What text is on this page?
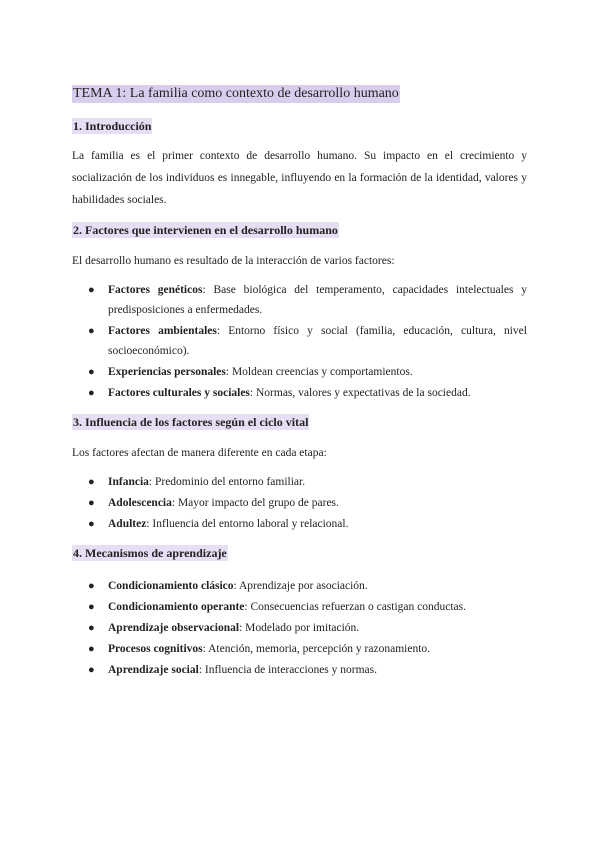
TEMA 1: La familia como contexto de desarrollo humano
1. Introducción

La familia es el primer contexto de desarrollo humano. Su impacto en el crecimiento y socialización de los individuos es innegable, influyendo en la formación de la identidad, valores y habilidades sociales.

2. Factores que intervienen en el desarrollo humano

El desarrollo humano es resultado de la interacción de varios factores:

● Factores genéticos: Base biológica del temperamento, capacidades intelectuales y predisposiciones a enfermedades.
● Factores ambientales: Entorno físico y social (familia, educación, cultura, nivel socioeconómico).
● Experiencias personales: Moldean creencias y comportamientos.
● Factores culturales y sociales: Normas, valores y expectativas de la sociedad.
3. Influencia de los factores según el ciclo vital

Los factores afectan de manera diferente en cada etapa:

● Infancia: Predominio del entorno familiar.
● Adolescencia: Mayor impacto del grupo de pares.
● Adultez: Influencia del entorno laboral y relacional.
4. Mecanismos de aprendizaje
● Condicionamiento clásico: Aprendizaje por asociación.
● Condicionamiento operante: Consecuencias refuerzan o castigan conductas.
● Aprendizaje observacional: Modelado por imitación.
● Procesos cognitivos: Atención, memoria, percepción y razonamiento.
● Aprendizaje social: Influencia de interacciones y normas.
